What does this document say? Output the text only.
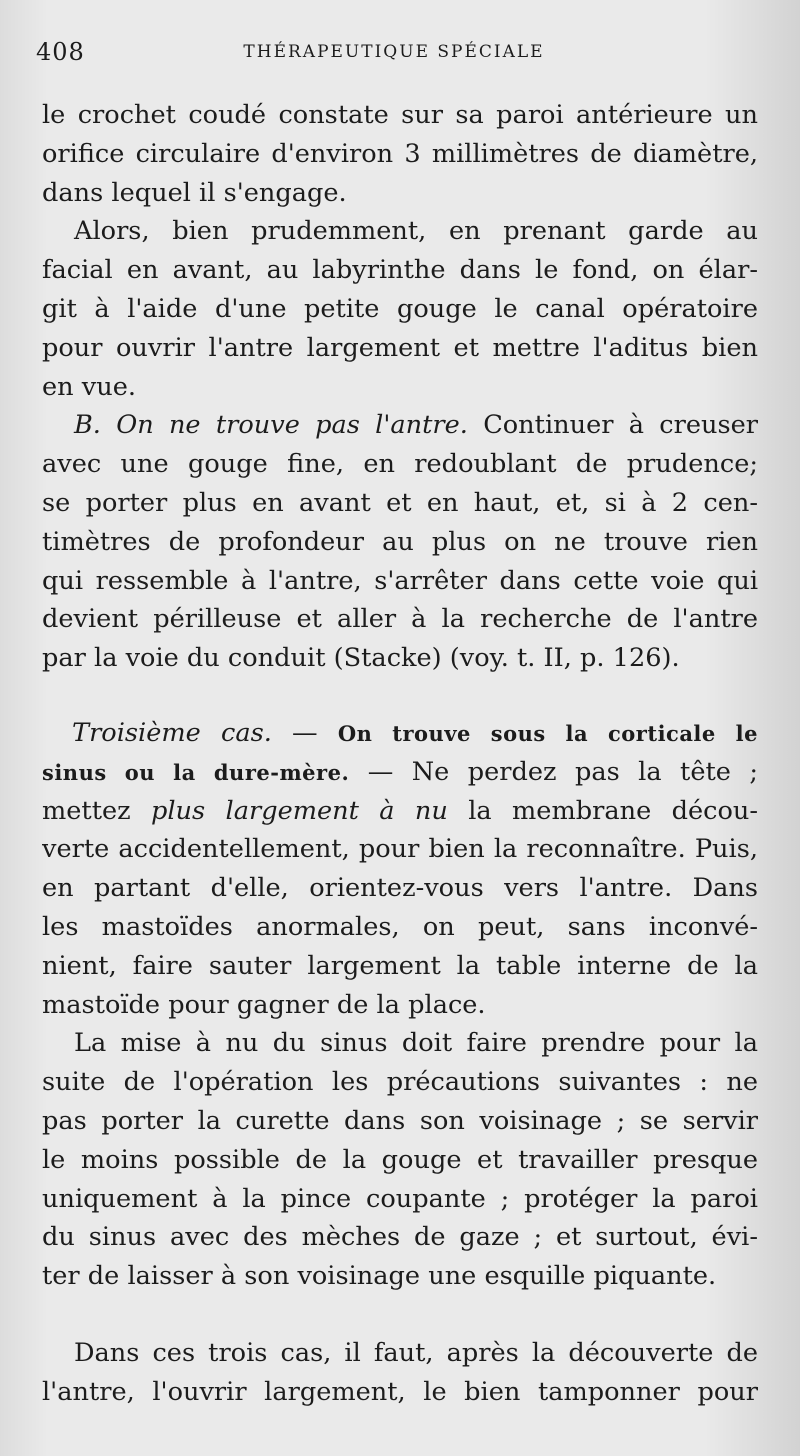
408	THÉRAPEUTIQUE SPÉCIALE
le crochet coudé constate sur sa paroi antérieure un
orifice circulaire d'environ 3 millimètres de diamètre,
dans lequel il s'engage.
Alors, bien prudemment, en prenant garde au
facial en avant, au labyrinthe dans le fond, on élar-
git à l'aide d'une petite gouge le canal opératoire
pour ouvrir l'antre largement et mettre l'aditus bien
en vue.
B. On ne trouve pas l'antre. Continuer à creuser
avec une gouge fine, en redoublant de prudence;
se porter plus en avant et en haut, et, si à 2 cen-
timètres de profondeur au plus on ne trouve rien
qui ressemble à l'antre, s'arrêter dans cette voie qui
devient périlleuse et aller à la recherche de l'antre
par la voie du conduit (Stacke) (voy. t. II, p. 126).
Troisième cas. — On trouve sous la corticale le
sinus ou la dure-mère. — Ne perdez pas la tête ;
mettez plus largement à nu la membrane décou-
verte accidentellement, pour bien la reconnaître. Puis,
en partant d'elle, orientez-vous vers l'antre. Dans
les mastoïdes anormales, on peut, sans inconvé-
nient, faire sauter largement la table interne de la
mastoïde pour gagner de la place.
La mise à nu du sinus doit faire prendre pour la
suite de l'opération les précautions suivantes : ne
pas porter la curette dans son voisinage ; se servir
le moins possible de la gouge et travailler presque
uniquement à la pince coupante ; protéger la paroi
du sinus avec des mèches de gaze ; et surtout, évi-
ter de laisser à son voisinage une esquille piquante.
Dans ces trois cas, il faut, après la découverte de
l'antre, l'ouvrir largement, le bien tamponner pour
